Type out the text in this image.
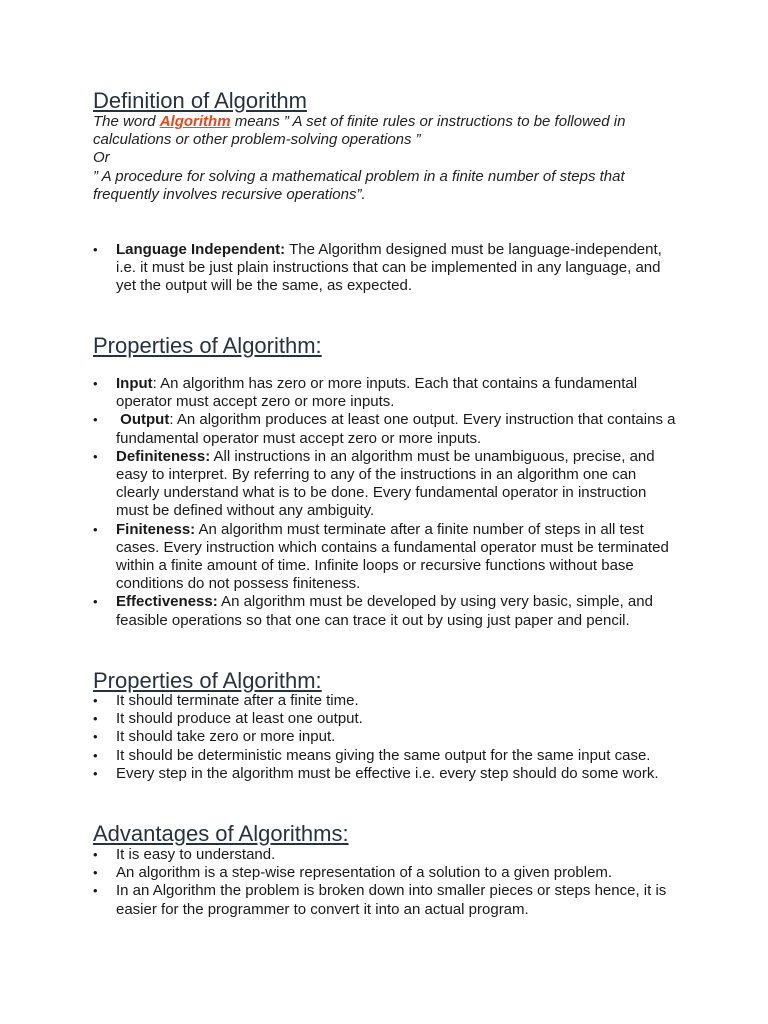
Definition of Algorithm

The word Algorithm means ” A set of finite rules or instructions to be followed in calculations or other problem-solving operations ”

Or

” A procedure for solving a mathematical problem in a finite number of steps that frequently involves recursive operations”.

• Language Independent: The Algorithm designed must be language-independent, i.e. it must be just plain instructions that can be implemented in any language, and yet the output will be the same, as expected.
Properties of Algorithm:
• Input: An algorithm has zero or more inputs. Each that contains a fundamental operator must accept zero or more inputs.
•  Output: An algorithm produces at least one output. Every instruction that contains a fundamental operator must accept zero or more inputs.
• Definiteness: All instructions in an algorithm must be unambiguous, precise, and easy to interpret. By referring to any of the instructions in an algorithm one can clearly understand what is to be done. Every fundamental operator in instruction must be defined without any ambiguity.
• Finiteness: An algorithm must terminate after a finite number of steps in all test cases. Every instruction which contains a fundamental operator must be terminated within a finite amount of time. Infinite loops or recursive functions without base conditions do not possess finiteness.
• Effectiveness: An algorithm must be developed by using very basic, simple, and feasible operations so that one can trace it out by using just paper and pencil.
Properties of Algorithm:
• It should terminate after a finite time.
• It should produce at least one output.
• It should take zero or more input.
• It should be deterministic means giving the same output for the same input case.
• Every step in the algorithm must be effective i.e. every step should do some work.
Advantages of Algorithms:
• It is easy to understand.
• An algorithm is a step-wise representation of a solution to a given problem.
• In an Algorithm the problem is broken down into smaller pieces or steps hence, it is easier for the programmer to convert it into an actual program.
